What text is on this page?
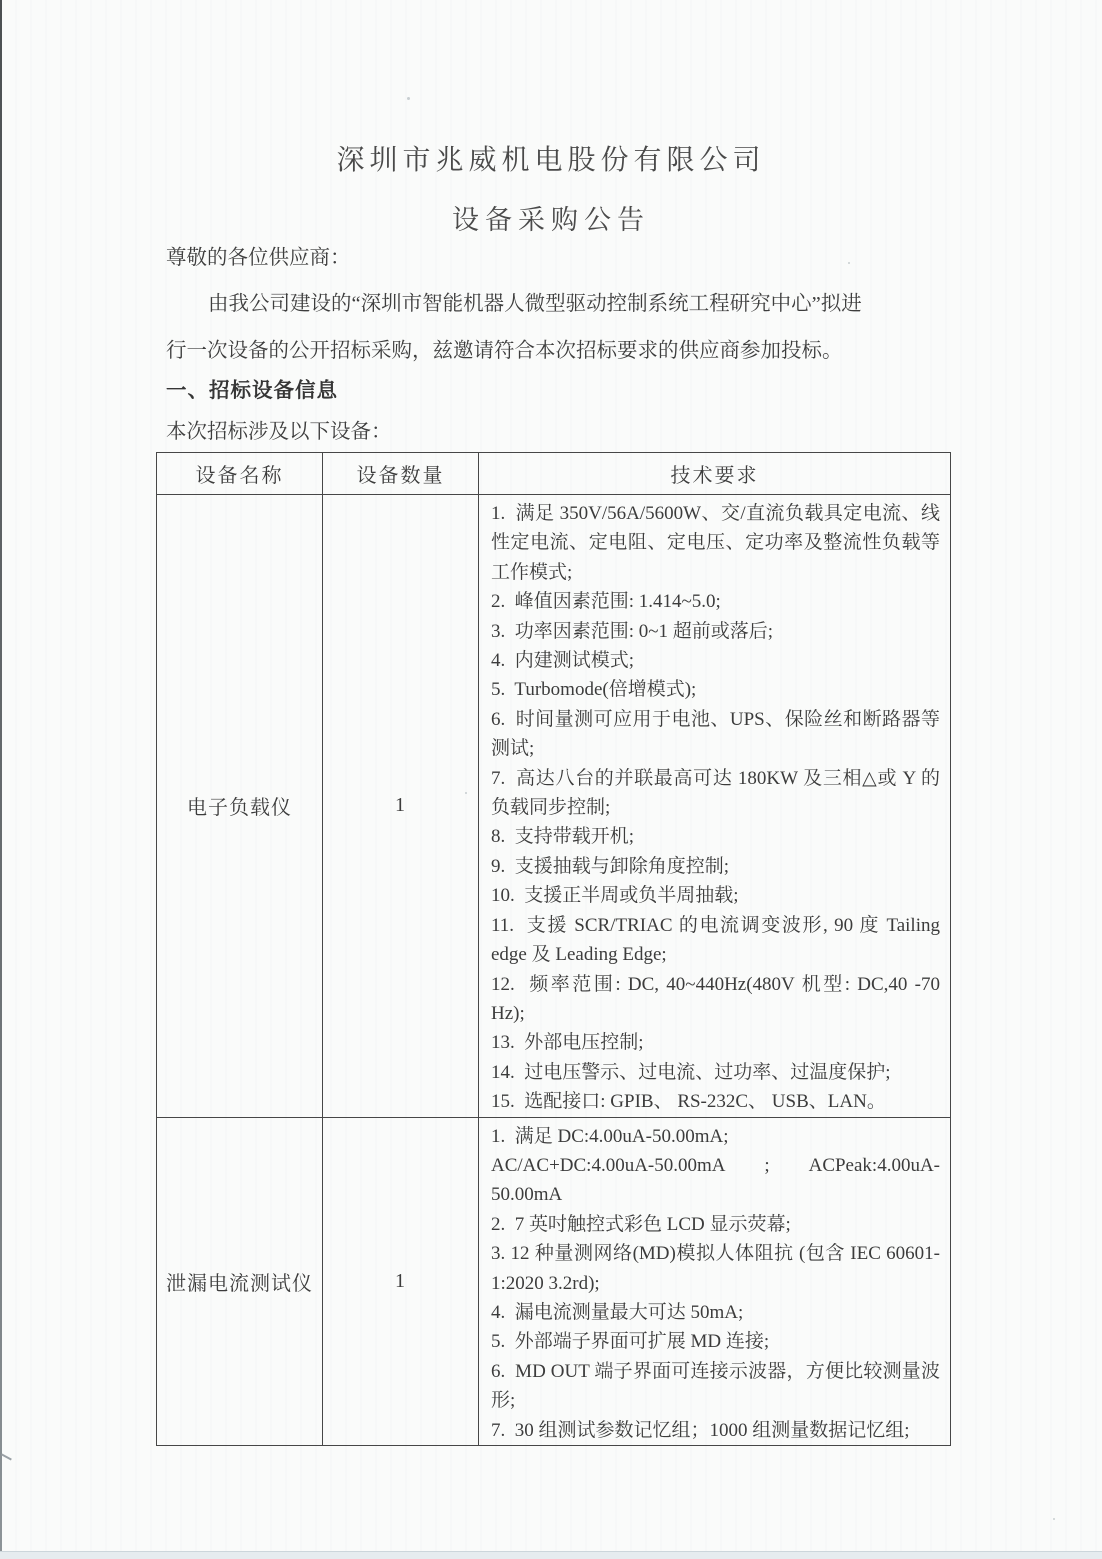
深圳市兆威机电股份有限公司
设备采购公告
尊敬的各位供应商：
由我公司建设的“深圳市智能机器人微型驱动控制系统工程研究中心”拟进
行一次设备的公开招标采购，兹邀请符合本次招标要求的供应商参加投标。
一、招标设备信息
本次招标涉及以下设备：
设备名称	设备数量	技术要求
电子负载仪	1	
1.  满足 350V/56A/5600W、交/直流负载具定电流、线性定电流、定电阻、定电压、定功率及整流性负载等工作模式;
2.  峰值因素范围: 1.414~5.0;
3.  功率因素范围: 0~1 超前或落后;
4.  内建测试模式;
5.  Turbomode(倍增模式);
6.  时间量测可应用于电池、UPS、保险丝和断路器等测试;
7.  高达八台的并联最高可达 180KW 及三相△或 Y 的负载同步控制;
8.  支持带载开机;
9.  支援抽载与卸除角度控制;
10.  支援正半周或负半周抽载;
11.  支援 SCR/TRIAC 的电流调变波形, 90 度 Tailing edge 及 Leading Edge;
12.  频率范围: DC, 40~440Hz(480V 机型: DC,40 -70 Hz);
13.  外部电压控制;
14.  过电压警示、过电流、过功率、过温度保护;
15.  选配接口: GPIB、 RS-232C、 USB、LAN。

泄漏电流测试仪	1	
1.  满足 DC:4.00uA-50.00mA;
AC/AC+DC:4.00uA-50.00mA ; ACPeak:4.00uA-50.00mA
2.  7 英吋触控式彩色 LCD 显示荧幕;
3. 12 种量测网络(MD)模拟人体阻抗 (包含 IEC 60601-1:2020 3.2rd);
4.  漏电流测量最大可达 50mA;
5.  外部端子界面可扩展 MD 连接;
6.  MD OUT 端子界面可连接示波器，方便比较测量波形;
7.  30 组测试参数记忆组；1000 组测量数据记忆组;
